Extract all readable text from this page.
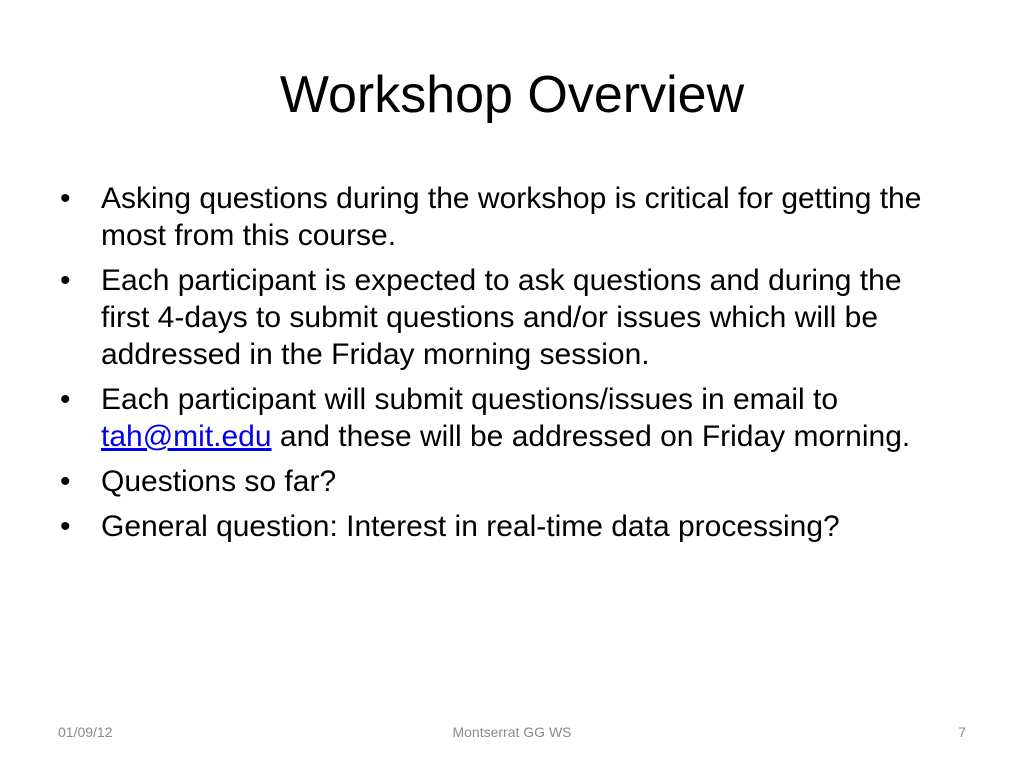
Workshop Overview
• Asking questions during the workshop is critical for getting the most from this course.
• Each participant is expected to ask questions and during the first 4-days to submit questions and/or issues which will be addressed in the Friday morning session.
• Each participant will submit questions/issues in email to tah@mit.edu and these will be addressed on Friday morning.
• Questions so far?
• General question: Interest in real-time data processing?
01/09/12	Montserrat GG WS	7
